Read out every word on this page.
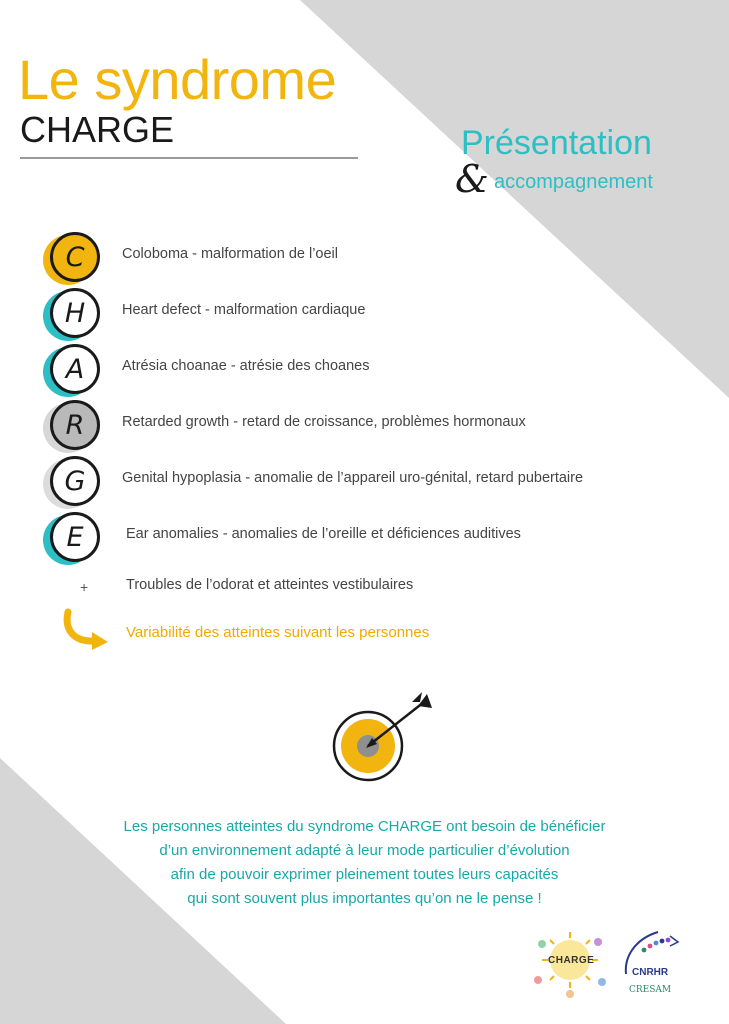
Le syndrome
CHARGE	Présentation
& accompagnement
C	Coloboma - malformation de l’oeil
H	Heart defect - malformation cardiaque
A	Atrésia choanae - atrésie des choanes
R	Retarded growth - retard de croissance, problèmes hormonaux
G	Genital hypoplasia - anomalie de l’appareil uro-génital, retard pubertaire
E	Ear anomalies - anomalies de l’oreille et déficiences auditives
+	Troubles de l’odorat et atteintes vestibulaires
Variabilité des atteintes suivant les personnes
Les personnes atteintes du syndrome CHARGE ont besoin de bénéficier
d’un environnement adapté à leur mode particulier d’évolution
afin de pouvoir exprimer pleinement toutes leurs capacités
qui sont souvent plus importantes qu’on ne le pense !
CHARGE
CNRHR
CRESAM
